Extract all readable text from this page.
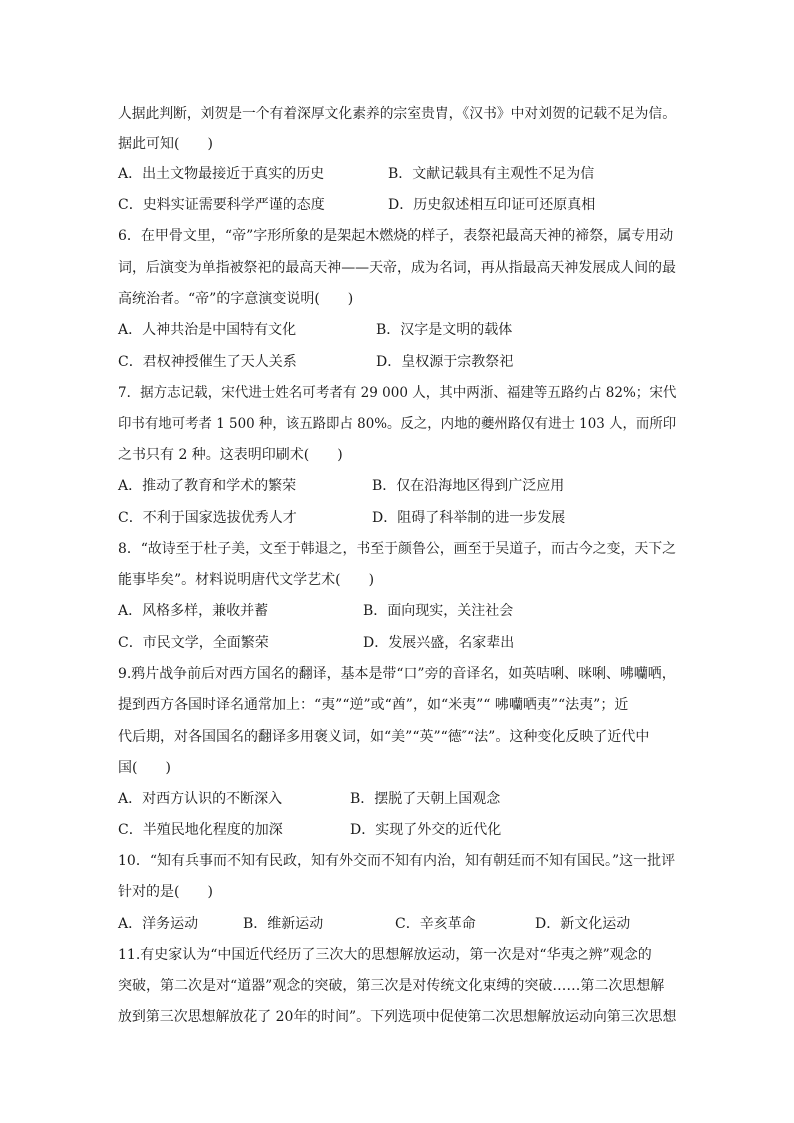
人据此判断，刘贺是一个有着深厚文化素养的宗室贵胄，《汉书》中对刘贺的记载不足为信。
据此可知(　　)
A．出土文物最接近于真实的历史	B．文献记载具有主观性不足为信
C．史料实证需要科学严谨的态度	D．历史叙述相互印证可还原真相
6．在甲骨文里，“帝”字形所象的是架起木燃烧的样子，表祭祀最高天神的褅祭，属专用动
词，后演变为单指被祭祀的最高天神——天帝，成为名词，再从指最高天神发展成人间的最
高统治者。“帝”的字意演变说明(　　)
A．人神共治是中国特有文化	B．汉字是文明的载体
C．君权神授催生了天人关系	D．皇权源于宗教祭祀
7．据方志记载，宋代进士姓名可考者有 29 000 人，其中两浙、福建等五路约占 82%；宋代
印书有地可考者 1 500 种，该五路即占 80%。反之，内地的夔州路仅有进士 103 人，而所印
之书只有 2 种。这表明印刷术(　　)
A．推动了教育和学术的繁荣	B．仅在沿海地区得到广泛应用
C．不利于国家选拔优秀人才	D．阻碍了科举制的进一步发展
8．“故诗至于杜子美，文至于韩退之，书至于颜鲁公，画至于吴道子，而古今之变，天下之
能事毕矣”。材料说明唐代文学艺术(　　)
A．风格多样，兼收并蓄	B．面向现实，关注社会
C．市民文学，全面繁荣	D．发展兴盛，名家辈出
9.鸦片战争前后对西方国名的翻译，基本是带“口”旁的音译名，如英咭唎、咪唎、咈囒哂，
提到西方各国时译名通常加上：“夷”“逆”或“酋”，如“米夷”“ 咈囒哂夷”“法夷”；近
代后期，对各国国名的翻译多用褒义词，如“美”“英”“德″“法”。这种变化反映了近代中
国(　　)
A．对西方认识的不断深入	B．摆脱了天朝上国观念
C．半殖民地化程度的加深	D．实现了外交的近代化
10．“知有兵事而不知有民政，知有外交而不知有内治，知有朝廷而不知有国民。”这一批评
针对的是(　　)
A．洋务运动	B．维新运动	C．辛亥革命	D．新文化运动
11.有史家认为“中国近代经历了三次大的思想解放运动，第一次是对“华夷之辨”观念的
突破，第二次是对“道器”观念的突破，第三次是对传统文化束缚的突破……第二次思想解
放到第三次思想解放花了 20年的时间”。下列选项中促使第二次思想解放运动向第三次思想
